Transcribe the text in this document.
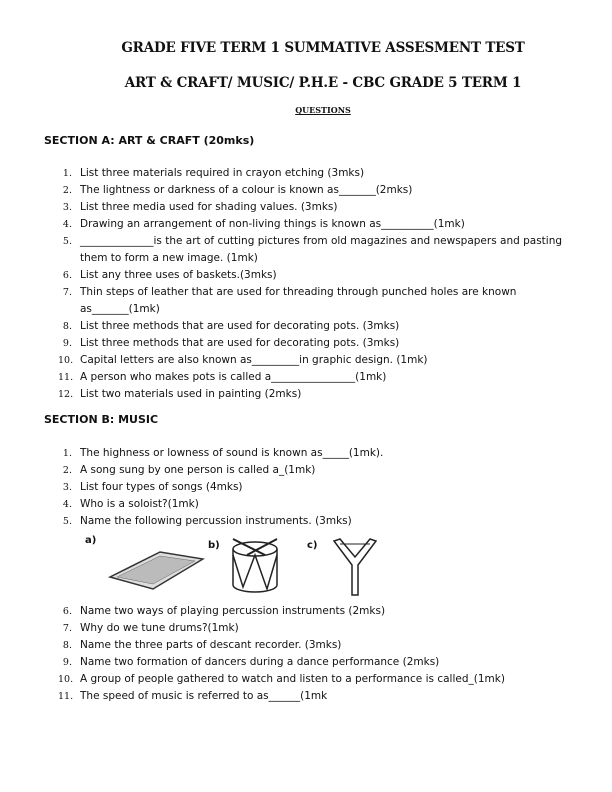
GRADE FIVE TERM 1 SUMMATIVE ASSESMENT TEST
ART & CRAFT/ MUSIC/ P.H.E - CBC GRADE 5 TERM 1
QUESTIONS
SECTION A: ART & CRAFT (20mks)
1. List three materials required in crayon etching (3mks)
2. The lightness or darkness of a colour is known as_______(2mks)
3. List three media used for shading values. (3mks)
4. Drawing an arrangement of non-living things is known as__________(1mk)
5. ______________is the art of cutting pictures from old magazines and newspapers and pasting them to form a new image. (1mk)
6. List any three uses of baskets.(3mks)
7. Thin steps of leather that are used for threading through punched holes are known as_______(1mk)
8. List three methods that are used for decorating pots. (3mks)
9. List three methods that are used for decorating pots. (3mks)
10. Capital letters are also known as_________in graphic design. (1mk)
11. A person who makes pots is called a________________(1mk)
12. List two materials used in painting (2mks)
SECTION B: MUSIC
1. The highness or lowness of sound is known as_____(1mk).
2. A song sung by one person is called a_(1mk)
3. List four types of songs (4mks)
4. Who is a soloist?(1mk)
5. Name the following percussion instruments. (3mks)
a)	b)	c)
6. Name two ways of playing percussion instruments (2mks)
7. Why do we tune drums?(1mk)
8. Name the three parts of descant recorder. (3mks)
9. Name two formation of dancers during a dance performance (2mks)
10. A group of people gathered to watch and listen to a performance is called_(1mk)
11. The speed of music is referred to as______(1mk
